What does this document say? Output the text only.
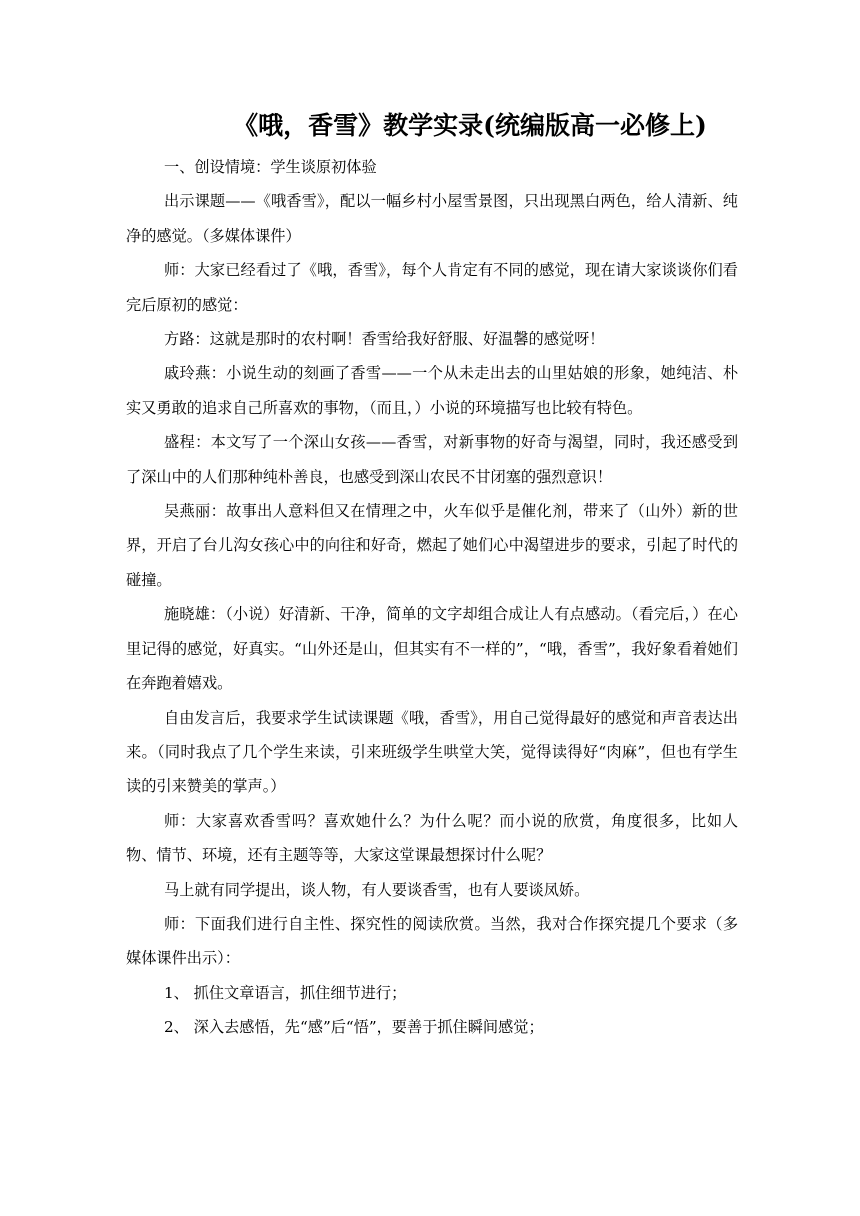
《哦，香雪》教学实录(统编版高一必修上)

一、创设情境：学生谈原初体验

出示课题——《哦香雪》，配以一幅乡村小屋雪景图，只出现黑白两色，给人清新、纯净的感觉。（多媒体课件）

师：大家已经看过了《哦，香雪》，每个人肯定有不同的感觉，现在请大家谈谈你们看完后原初的感觉：

方路：这就是那时的农村啊！香雪给我好舒服、好温馨的感觉呀！

戚玲燕：小说生动的刻画了香雪——一个从未走出去的山里姑娘的形象，她纯洁、朴实又勇敢的追求自己所喜欢的事物，（而且，）小说的环境描写也比较有特色。

盛程：本文写了一个深山女孩——香雪，对新事物的好奇与渴望，同时，我还感受到了深山中的人们那种纯朴善良，也感受到深山农民不甘闭塞的强烈意识！

吴燕丽：故事出人意料但又在情理之中，火车似乎是催化剂，带来了（山外）新的世界，开启了台儿沟女孩心中的向往和好奇，燃起了她们心中渴望进步的要求，引起了时代的碰撞。

施晓雄：（小说）好清新、干净，简单的文字却组合成让人有点感动。（看完后，）在心里记得的感觉，好真实。“山外还是山，但其实有不一样的”，“哦，香雪”，我好象看着她们在奔跑着嬉戏。

自由发言后，我要求学生试读课题《哦，香雪》，用自己觉得最好的感觉和声音表达出来。（同时我点了几个学生来读，引来班级学生哄堂大笑，觉得读得好“肉麻”，但也有学生读的引来赞美的掌声。）

师：大家喜欢香雪吗？喜欢她什么？为什么呢？而小说的欣赏，角度很多，比如人物、情节、环境，还有主题等等，大家这堂课最想探讨什么呢？

马上就有同学提出，谈人物，有人要谈香雪，也有人要谈凤娇。

师：下面我们进行自主性、探究性的阅读欣赏。当然，我对合作探究提几个要求（多媒体课件出示）：

1、 抓住文章语言，抓住细节进行；

2、 深入去感悟，先“感”后“悟”，要善于抓住瞬间感觉；
